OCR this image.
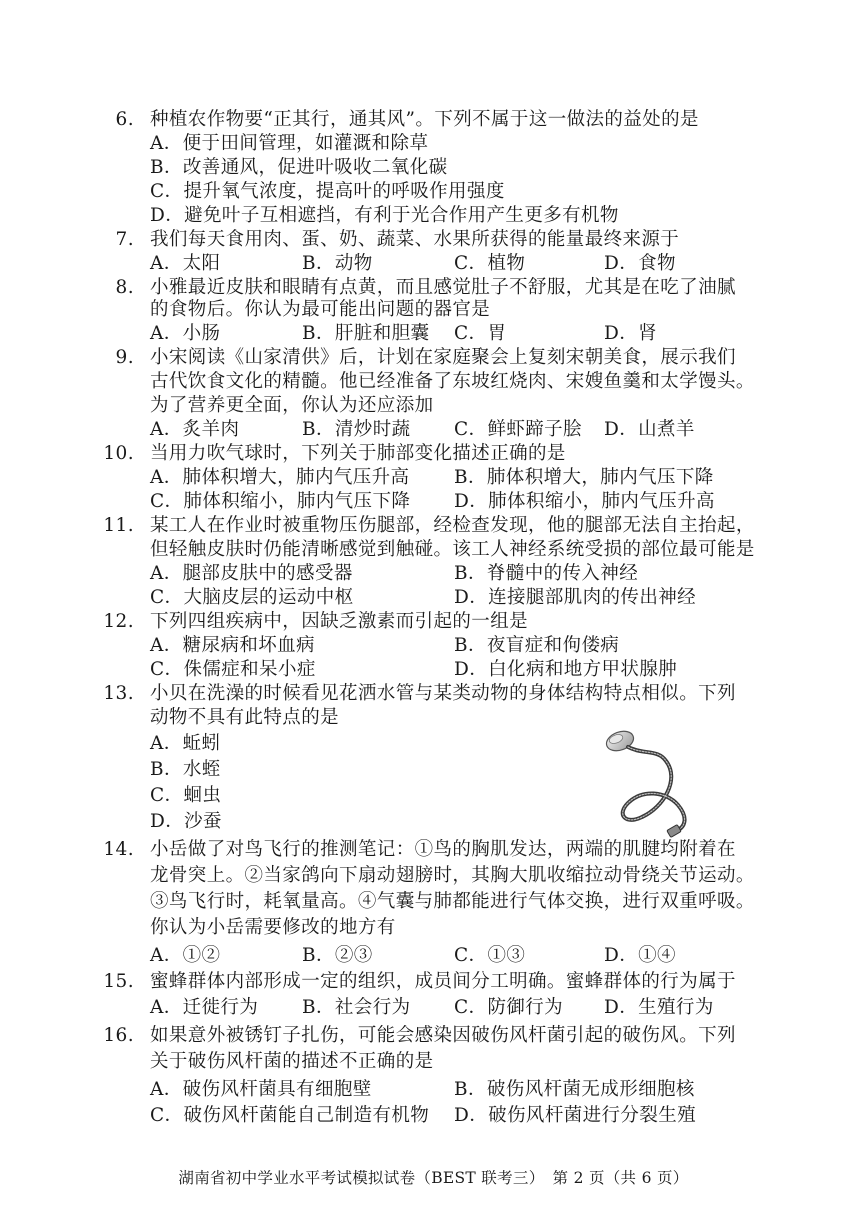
6. 种植农作物要“正其行，通其风”。下列不属于这一做法的益处的是
A．便于田间管理，如灌溉和除草
B．改善通风，促进叶吸收二氧化碳
C．提升氧气浓度，提高叶的呼吸作用强度
D．避免叶子互相遮挡，有利于光合作用产生更多有机物
7. 我们每天食用肉、蛋、奶、蔬菜、水果所获得的能量最终来源于
A．太阳	B．动物	C．植物	D．食物
8. 小雅最近皮肤和眼睛有点黄，而且感觉肚子不舒服，尤其是在吃了油腻
的食物后。你认为最可能出问题的器官是
A．小肠	B．肝脏和胆囊 C．胃	D．肾
9. 小宋阅读《山家清供》后，计划在家庭聚会上复刻宋朝美食，展示我们
古代饮食文化的精髓。他已经准备了东坡红烧肉、宋嫂鱼羹和太学馒头。
为了营养更全面，你认为还应添加
A．炙羊肉	B．清炒时蔬 C．鲜虾蹄子脍 D．山煮羊
10. 当用力吹气球时，下列关于肺部变化描述正确的是
A．肺体积增大，肺内气压升高 B．肺体积增大，肺内气压下降
C．肺体积缩小，肺内气压下降 D．肺体积缩小，肺内气压升高
11. 某工人在作业时被重物压伤腿部，经检查发现，他的腿部无法自主抬起，
但轻触皮肤时仍能清晰感觉到触碰。该工人神经系统受损的部位最可能是
A．腿部皮肤中的感受器	B．脊髓中的传入神经
C．大脑皮层的运动中枢	D．连接腿部肌肉的传出神经
12. 下列四组疾病中，因缺乏激素而引起的一组是
A．糖尿病和坏血病	B．夜盲症和佝偻病
C．侏儒症和呆小症	D．白化病和地方甲状腺肿
13. 小贝在洗澡的时候看见花洒水管与某类动物的身体结构特点相似。下列
动物不具有此特点的是
A．蚯蚓
B．水蛭
C．蛔虫
D．沙蚕
14. 小岳做了对鸟飞行的推测笔记：①鸟的胸肌发达，两端的肌腱均附着在
龙骨突上。②当家鸽向下扇动翅膀时，其胸大肌收缩拉动骨绕关节运动。
③鸟飞行时，耗氧量高。④气囊与肺都能进行气体交换，进行双重呼吸。
你认为小岳需要修改的地方有
A．①②	B．②③	C．①③	D．①④
15. 蜜蜂群体内部形成一定的组织，成员间分工明确。蜜蜂群体的行为属于
A．迁徙行为 B．社会行为 C．防御行为 D．生殖行为
16. 如果意外被锈钉子扎伤，可能会感染因破伤风杆菌引起的破伤风。下列
关于破伤风杆菌的描述不正确的是
A．破伤风杆菌具有细胞壁	B．破伤风杆菌无成形细胞核
C．破伤风杆菌能自己制造有机物 D．破伤风杆菌进行分裂生殖
湖南省初中学业水平考试模拟试卷（BEST 联考三）　第 2 页（共 6 页）
